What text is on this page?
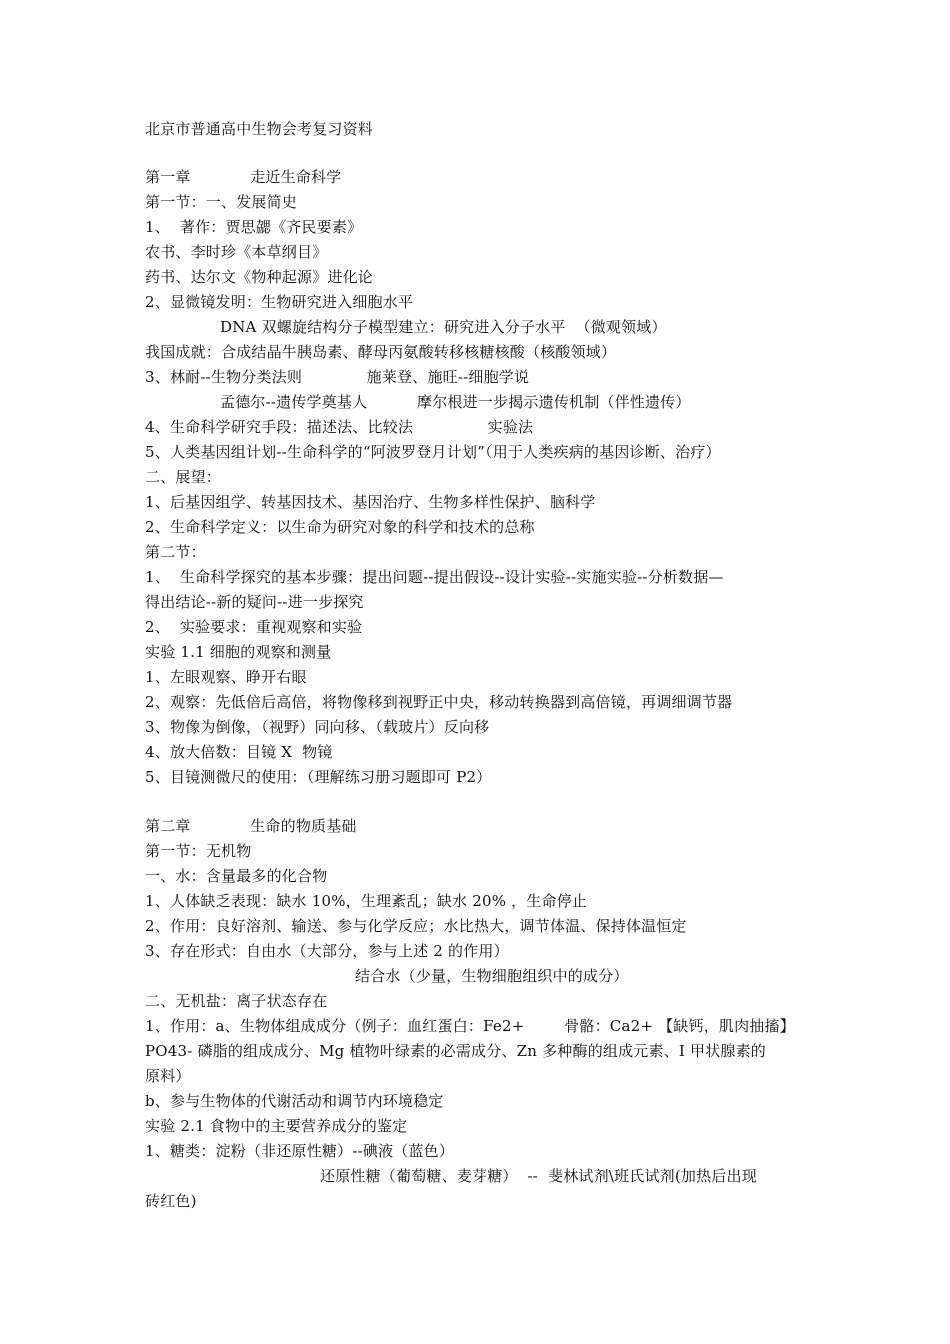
北京市普通高中生物会考复习资料
第一章            走近生命科学
第一节：一、发展简史
1、  著作：贾思勰《齐民要素》
农书、李时珍《本草纲目》
药书、达尔文《物种起源》进化论
2、显微镜发明：生物研究进入细胞水平
DNA 双螺旋结构分子模型建立：研究进入分子水平  （微观领域）
我国成就：合成结晶牛胰岛素、酵母丙氨酸转移核糖核酸（核酸领域）
3、林耐--生物分类法则             施莱登、施旺--细胞学说
孟德尔--遗传学奠基人          摩尔根进一步揭示遗传机制（伴性遗传）
4、生命科学研究手段：描述法、比较法               实验法
5、人类基因组计划--生命科学的“阿波罗登月计划”（用于人类疾病的基因诊断、治疗）
二、展望：
1、后基因组学、转基因技术、基因治疗、生物多样性保护、脑科学
2、生命科学定义：以生命为研究对象的科学和技术的总称
第二节：
1、  生命科学探究的基本步骤：提出问题--提出假设--设计实验--实施实验--分析数据—
得出结论--新的疑问--进一步探究
2、  实验要求：重视观察和实验
实验 1.1 细胞的观察和测量
1、左眼观察、睁开右眼
2、观察：先低倍后高倍，将物像移到视野正中央，移动转换器到高倍镜，再调细调节器
3、物像为倒像，（视野）同向移、（载玻片）反向移
4、放大倍数：目镜 X  物镜
5、目镜测微尺的使用：（理解练习册习题即可 P2）
第二章            生命的物质基础
第一节：无机物
一、水：含量最多的化合物
1、人体缺乏表现：缺水 10%，生理紊乱；缺水 20% ，生命停止
2、作用：良好溶剂、输送、参与化学反应；水比热大，调节体温、保持体温恒定
3、存在形式：自由水（大部分，参与上述 2 的作用）
结合水（少量，生物细胞组织中的成分）
二、无机盐：离子状态存在
1、作用：a、生物体组成成分（例子：血红蛋白：Fe2+        骨骼：Ca2+ 【缺钙，肌肉抽搐】
PO43- 磷脂的组成成分、Mg 植物叶绿素的必需成分、Zn 多种酶的组成元素、I 甲状腺素的
原料）
b、参与生物体的代谢活动和调节内环境稳定
实验 2.1 食物中的主要营养成分的鉴定
1、糖类：淀粉（非还原性糖）--碘液（蓝色）
还原性糖（葡萄糖、麦芽糖）  --  斐林试剂\班氏试剂(加热后出现
砖红色)
